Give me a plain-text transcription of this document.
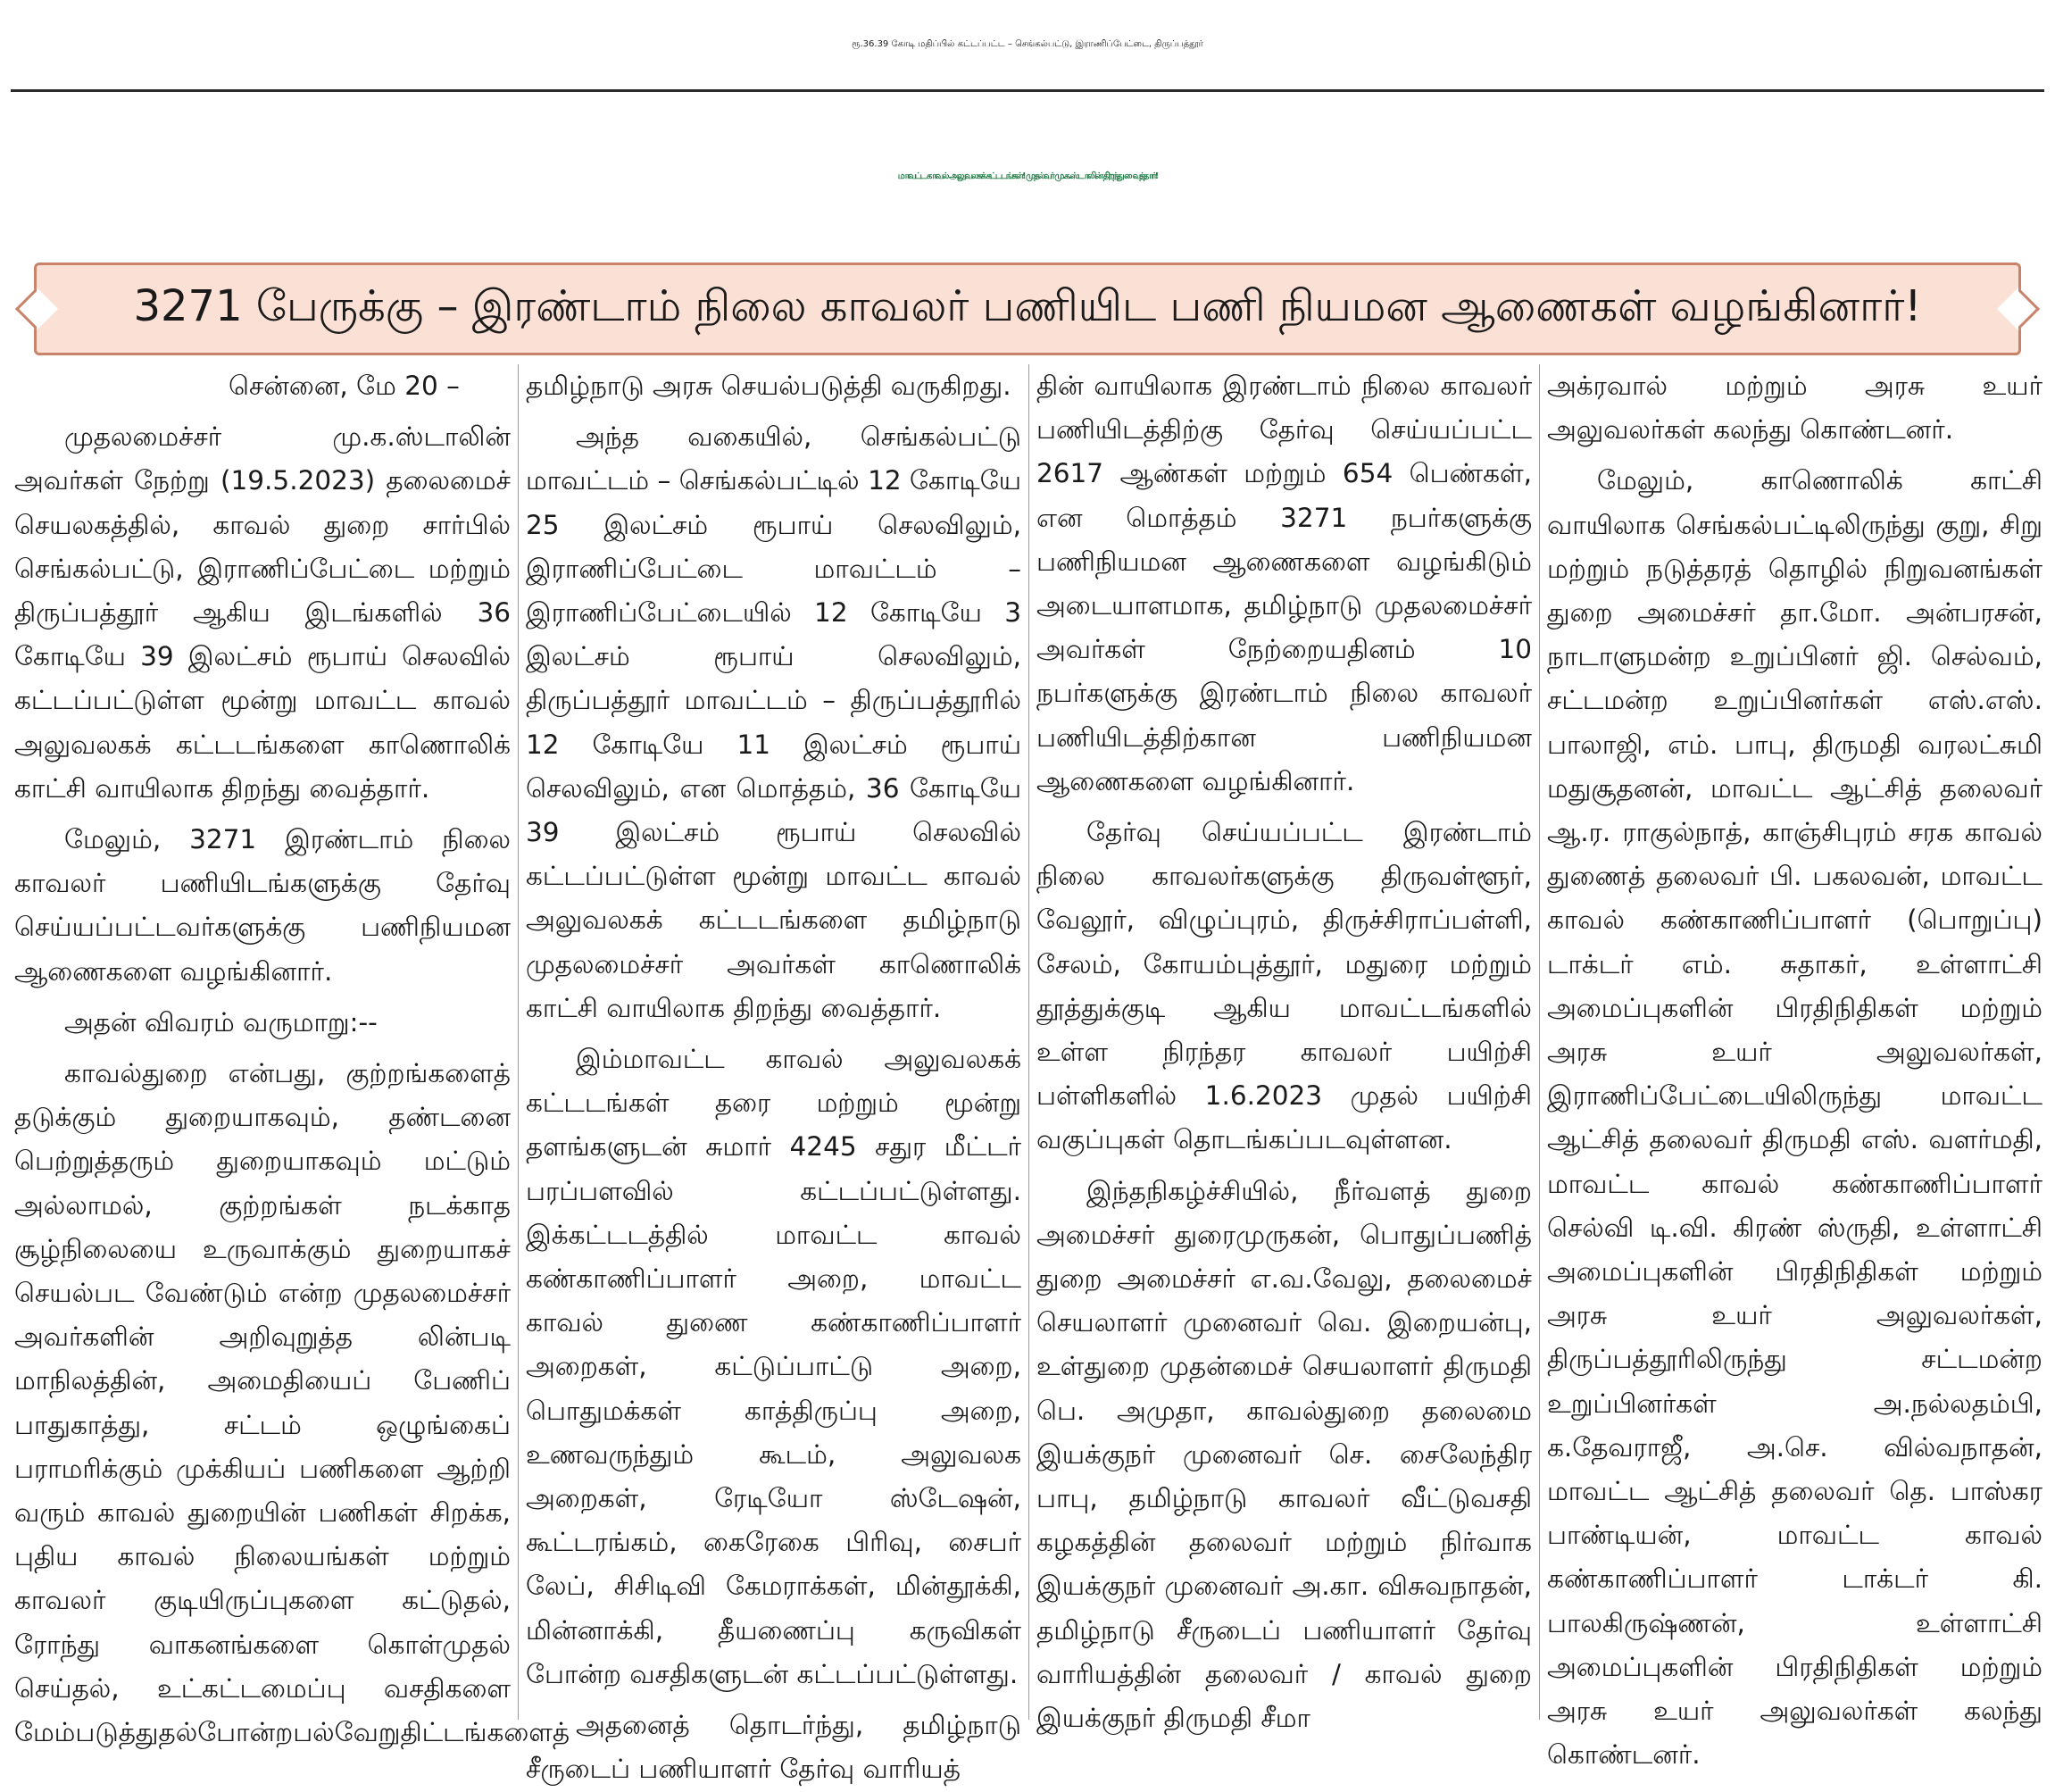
ரூ.36.39 கோடி மதிப்பில் கட்டப்பட்ட – செங்கல்பட்டு, இராணிப்பேட்டை, திருப்பத்தூர்
மாவட்ட காவல் அலுவலகக் கட்டடங்கள்! முதல்வர் மு.க.ஸ்டாலின் திறந்து வைத்தார்!
3271 பேருக்கு – இரண்டாம் நிலை காவலர் பணியிட பணி நியமன ஆணைகள் வழங்கினார்!

சென்னை, மே 20 –

முதலமைச்சர் மு.க.ஸ்டாலின் அவர்கள் நேற்று (19.5.2023) தலைமைச் செயலகத்தில், காவல் துறை சார்பில் செங்கல்பட்டு, இராணிப்பேட்டை மற்றும் திருப்பத்தூர் ஆகிய இடங்களில் 36 கோடியே 39 இலட்சம் ரூபாய் செலவில் கட்டப்பட்டுள்ள மூன்று மாவட்ட காவல் அலுவலகக் கட்டடங்களை காணொலிக் காட்சி வாயிலாக திறந்து வைத்தார்.

மேலும், 3271 இரண்டாம் நிலை காவலர் பணியிடங்களுக்கு தேர்வு செய்யப்பட்டவர்களுக்கு பணிநியமன ஆணைகளை வழங்கினார்.

அதன் விவரம் வருமாறு:--

காவல்துறை என்பது, குற்றங்களைத் தடுக்கும் துறையாகவும், தண்டனை பெற்றுத்தரும் துறையாகவும் மட்டும் அல்லாமல், குற்றங்கள் நடக்காத சூழ்நிலையை உருவாக்கும் துறையாகச் செயல்பட வேண்டும் என்ற முதலமைச்சர் அவர்களின் அறிவுறுத்த லின்படி மாநிலத்தின், அமைதியைப் பேணிப் பாதுகாத்து, சட்டம் ஒழுங்கைப் பராமரிக்கும் முக்கியப் பணிகளை ஆற்றி வரும் காவல் துறையின் பணிகள் சிறக்க, புதிய காவல் நிலையங்கள் மற்றும் காவலர் குடியிருப்புகளை கட்டுதல், ரோந்து வாகனங்களை கொள்முதல் செய்தல், உட்கட்டமைப்பு வசதிகளை மேம்படுத்துதல்போன்றபல்வேறுதிட்டங்களைத்

தமிழ்நாடு அரசு செயல்படுத்தி வருகிறது.

அந்த வகையில், செங்கல்பட்டு மாவட்டம் – செங்கல்பட்டில் 12 கோடியே 25 இலட்சம் ரூபாய் செலவிலும், இராணிப்பேட்டை மாவட்டம் – இராணிப்பேட்டையில் 12 கோடியே 3 இலட்சம் ரூபாய் செலவிலும், திருப்பத்தூர் மாவட்டம் – திருப்பத்தூரில் 12 கோடியே 11 இலட்சம் ரூபாய் செலவிலும், என மொத்தம், 36 கோடியே 39 இலட்சம் ரூபாய் செலவில் கட்டப்பட்டுள்ள மூன்று மாவட்ட காவல் அலுவலகக் கட்டடங்களை தமிழ்நாடு முதலமைச்சர் அவர்கள் காணொலிக் காட்சி வாயிலாக திறந்து வைத்தார்.

இம்மாவட்ட காவல் அலுவலகக் கட்டடங்கள் தரை மற்றும் மூன்று தளங்களுடன் சுமார் 4245 சதுர மீட்டர் பரப்பளவில் கட்டப்பட்டுள்ளது. இக்கட்டடத்தில் மாவட்ட காவல் கண்காணிப்பாளர் அறை, மாவட்ட காவல் துணை கண்காணிப்பாளர் அறைகள், கட்டுப்பாட்டு அறை, பொதுமக்கள் காத்திருப்பு அறை, உணவருந்தும் கூடம், அலுவலக அறைகள், ரேடியோ ஸ்டேஷன், கூட்டரங்கம், கைரேகை பிரிவு, சைபர் லேப், சிசிடிவி கேமராக்கள், மின்தூக்கி, மின்னாக்கி, தீயணைப்பு கருவிகள் போன்ற வசதிகளுடன் கட்டப்பட்டுள்ளது.

அதனைத் தொடர்ந்து, தமிழ்நாடு சீருடைப் பணியாளர் தேர்வு வாரியத்

தின் வாயிலாக இரண்டாம் நிலை காவலர் பணியிடத்திற்கு தேர்வு செய்யப்பட்ட 2617 ஆண்கள் மற்றும் 654 பெண்கள், என மொத்தம் 3271 நபர்களுக்கு பணிநியமன ஆணைகளை வழங்கிடும் அடையாளமாக, தமிழ்நாடு முதலமைச்சர் அவர்கள் நேற்றையதினம் 10 நபர்களுக்கு இரண்டாம் நிலை காவலர் பணியிடத்திற்கான பணிநியமன ஆணைகளை வழங்கினார்.

தேர்வு செய்யப்பட்ட இரண்டாம் நிலை காவலர்களுக்கு திருவள்ளூர், வேலூர், விழுப்புரம், திருச்சிராப்பள்ளி, சேலம், கோயம்புத்தூர், மதுரை மற்றும் தூத்துக்குடி ஆகிய மாவட்டங்களில் உள்ள நிரந்தர காவலர் பயிற்சி பள்ளிகளில் 1.6.2023 முதல் பயிற்சி வகுப்புகள் தொடங்கப்படவுள்ளன.

இந்தநிகழ்ச்சியில், நீர்வளத் துறை அமைச்சர் துரைமுருகன், பொதுப்பணித் துறை அமைச்சர் எ.வ.வேலு, தலைமைச் செயலாளர் முனைவர் வெ. இறையன்பு, உள்துறை முதன்மைச் செயலாளர் திருமதி பெ. அமுதா, காவல்துறை தலைமை இயக்குநர் முனைவர் செ. சைலேந்திர பாபு, தமிழ்நாடு காவலர் வீட்டுவசதி கழகத்தின் தலைவர் மற்றும் நிர்வாக இயக்குநர் முனைவர் அ.கா. விசுவநாதன், தமிழ்நாடு சீருடைப் பணியாளர் தேர்வு வாரியத்தின் தலைவர் / காவல் துறை இயக்குநர் திருமதி சீமா

அக்ரவால் மற்றும் அரசு உயர் அலுவலர்கள் கலந்து கொண்டனர்.

மேலும், காணொலிக் காட்சி வாயிலாக செங்கல்பட்டிலிருந்து குறு, சிறு மற்றும் நடுத்தரத் தொழில் நிறுவனங்கள் துறை அமைச்சர் தா.மோ. அன்பரசன், நாடாளுமன்ற உறுப்பினர் ஜி. செல்வம், சட்டமன்ற உறுப்பினர்கள் எஸ்.எஸ். பாலாஜி, எம். பாபு, திருமதி வரலட்சுமி மதுசூதனன், மாவட்ட ஆட்சித் தலைவர் ஆ.ர. ராகுல்நாத், காஞ்சிபுரம் சரக காவல் துணைத் தலைவர் பி. பகலவன், மாவட்ட காவல் கண்காணிப்பாளர் (பொறுப்பு) டாக்டர் எம். சுதாகர், உள்ளாட்சி அமைப்புகளின் பிரதிநிதிகள் மற்றும் அரசு உயர் அலுவலர்கள், இராணிப்பேட்டையிலிருந்து மாவட்ட ஆட்சித் தலைவர் திருமதி எஸ். வளர்மதி, மாவட்ட காவல் கண்காணிப்பாளர் செல்வி டி.வி. கிரண் ஸ்ருதி, உள்ளாட்சி அமைப்புகளின் பிரதிநிதிகள் மற்றும் அரசு உயர் அலுவலர்கள், திருப்பத்தூரிலிருந்து சட்டமன்ற உறுப்பினர்கள் அ.நல்லதம்பி, க.தேவராஜீ, அ.செ. வில்வநாதன், மாவட்ட ஆட்சித் தலைவர் தெ. பாஸ்கர பாண்டியன், மாவட்ட காவல் கண்காணிப்பாளர் டாக்டர் கி. பாலகிருஷ்ணன், உள்ளாட்சி அமைப்புகளின் பிரதிநிதிகள் மற்றும் அரசு உயர் அலுவலர்கள் கலந்து கொண்டனர்.
